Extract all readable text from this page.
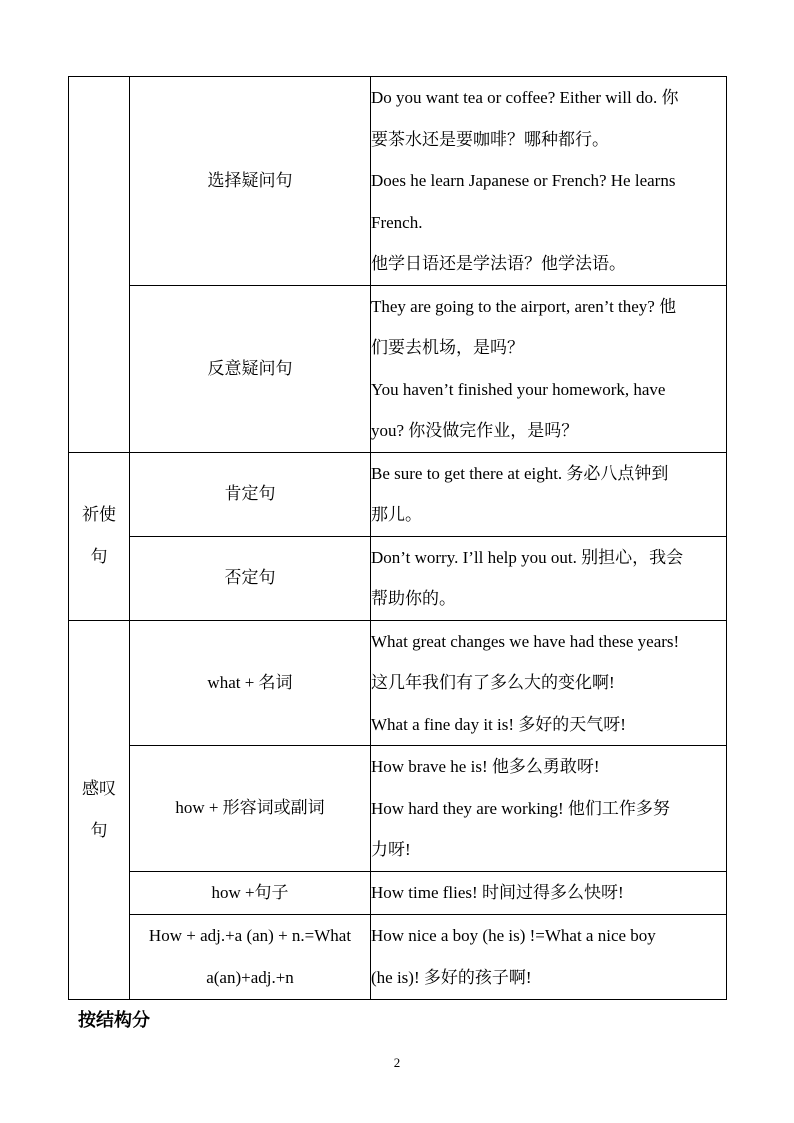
	选择疑问句	Do you want tea or coffee? Either will do. 你
要茶水还是要咖啡？哪种都行。
Does he learn Japanese or French? He learns
French.
他学日语还是学法语？他学法语。

	反意疑问句	They are going to the airport, aren’t they? 他
们要去机场，是吗？
You haven’t finished your homework, have
you? 你没做完作业，是吗？

祈使句	肯定句	Be sure to get there at eight. 务必八点钟到
那儿。

	否定句	Don’t worry. I’ll help you out. 别担心，我会
帮助你的。

感叹句	what + 名词	What great changes we have had these years!
这几年我们有了多么大的变化啊!
What a fine day it is! 多好的天气呀!

	how + 形容词或副词	How brave he is! 他多么勇敢呀!
How hard they are working! 他们工作多努
力呀!

	how +句子	How time flies! 时间过得多么快呀!

	How + adj.+a (an) + n.=What a(an)+adj.+n	How nice a boy (he is) !=What a nice boy
(he is)! 多好的孩子啊!
按结构分
2
